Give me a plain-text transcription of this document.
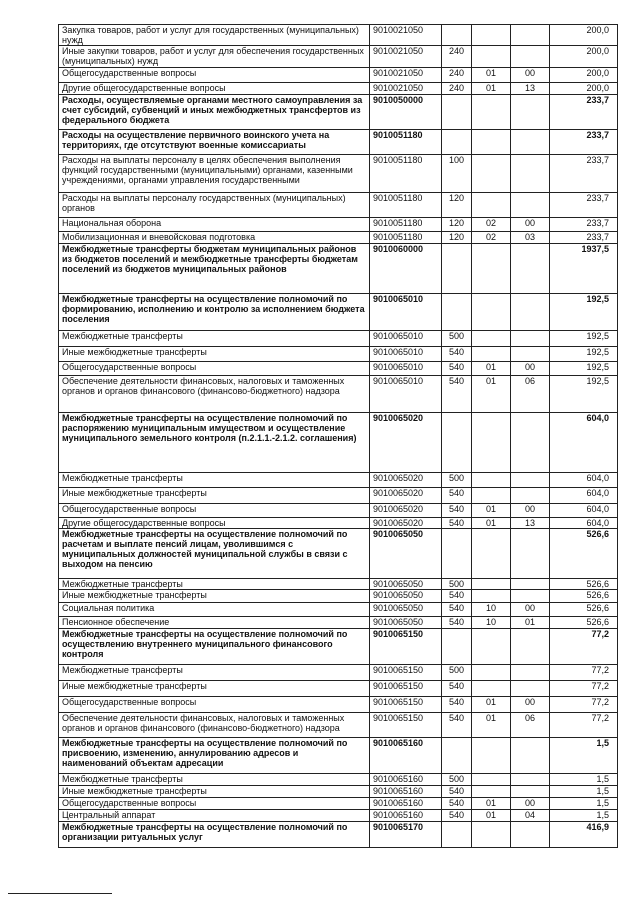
Закупка товаров, работ и услуг для государственных (муниципальных) нужд	9010021050				200,0
Иные закупки товаров, работ и услуг для обеспечения государственных (муниципальных) нужд	9010021050	240			200,0
Общегосударственные вопросы	9010021050	240	01	00	200,0
Другие общегосударственные вопросы	9010021050	240	01	13	200,0
Расходы, осуществляемые органами местного самоуправления за счет субсидий, субвенций и иных межбюджетных трансфертов из федерального бюджета	9010050000				233,7
Расходы на осуществление первичного воинского учета на территориях, где отсутствуют военные комиссариаты	9010051180				233,7
Расходы на выплаты персоналу в целях обеспечения выполнения функций государственными (муниципальными) органами, казенными учреждениями, органами управления государственными	9010051180	100			233,7
Расходы на выплаты персоналу государственных (муниципальных) органов	9010051180	120			233,7
Национальная оборона	9010051180	120	02	00	233,7
Мобилизационная и вневойсковая подготовка	9010051180	120	02	03	233,7
Межбюджетные трансферты бюджетам муниципальных районов из бюджетов поселений и межбюджетные трансферты бюджетам поселений из бюджетов муниципальных районов	9010060000				1937,5
Межбюджетные трансферты на осуществление полномочий по формированию, исполнению и контролю за исполнением бюджета поселения	9010065010				192,5
Межбюджетные трансферты	9010065010	500			192,5
Иные межбюджетные трансферты	9010065010	540			192,5
Общегосударственные вопросы	9010065010	540	01	00	192,5
Обеспечение деятельности финансовых, налоговых и таможенных органов и органов финансового (финансово-бюджетного) надзора	9010065010	540	01	06	192,5
Межбюджетные трансферты на осуществление полномочий по распоряжению муниципальным имуществом и осуществление муниципального земельного контроля (п.2.1.1.-2.1.2. соглашения)	9010065020				604,0
Межбюджетные трансферты	9010065020	500			604,0
Иные межбюджетные трансферты	9010065020	540			604,0
Общегосударственные вопросы	9010065020	540	01	00	604,0
Другие общегосударственные вопросы	9010065020	540	01	13	604,0
Межбюджетные трансферты на осуществление полномочий по расчетам и выплате пенсий лицам, уволившимся с муниципальных должностей муниципальной службы в связи с выходом на пенсию	9010065050				526,6
Межбюджетные трансферты	9010065050	500			526,6
Иные межбюджетные трансферты	9010065050	540			526,6
Социальная политика	9010065050	540	10	00	526,6
Пенсионное обеспечение	9010065050	540	10	01	526,6
Межбюджетные трансферты на осуществление полномочий по осуществлению внутреннего муниципального финансового контроля	9010065150				77,2
Межбюджетные трансферты	9010065150	500			77,2
Иные межбюджетные трансферты	9010065150	540			77,2
Общегосударственные вопросы	9010065150	540	01	00	77,2
Обеспечение деятельности финансовых, налоговых и таможенных органов и органов финансового (финансово-бюджетного) надзора	9010065150	540	01	06	77,2
Межбюджетные трансферты на осуществление полномочий по присвоению, изменению, аннулированию адресов и наименований объектам адресации	9010065160				1,5
Межбюджетные трансферты	9010065160	500			1,5
Иные межбюджетные трансферты	9010065160	540			1,5
Общегосударственные вопросы	9010065160	540	01	00	1,5
Центральный аппарат	9010065160	540	01	04	1,5
Межбюджетные трансферты на осуществление полномочий по организации ритуальных услуг	9010065170				416,9
